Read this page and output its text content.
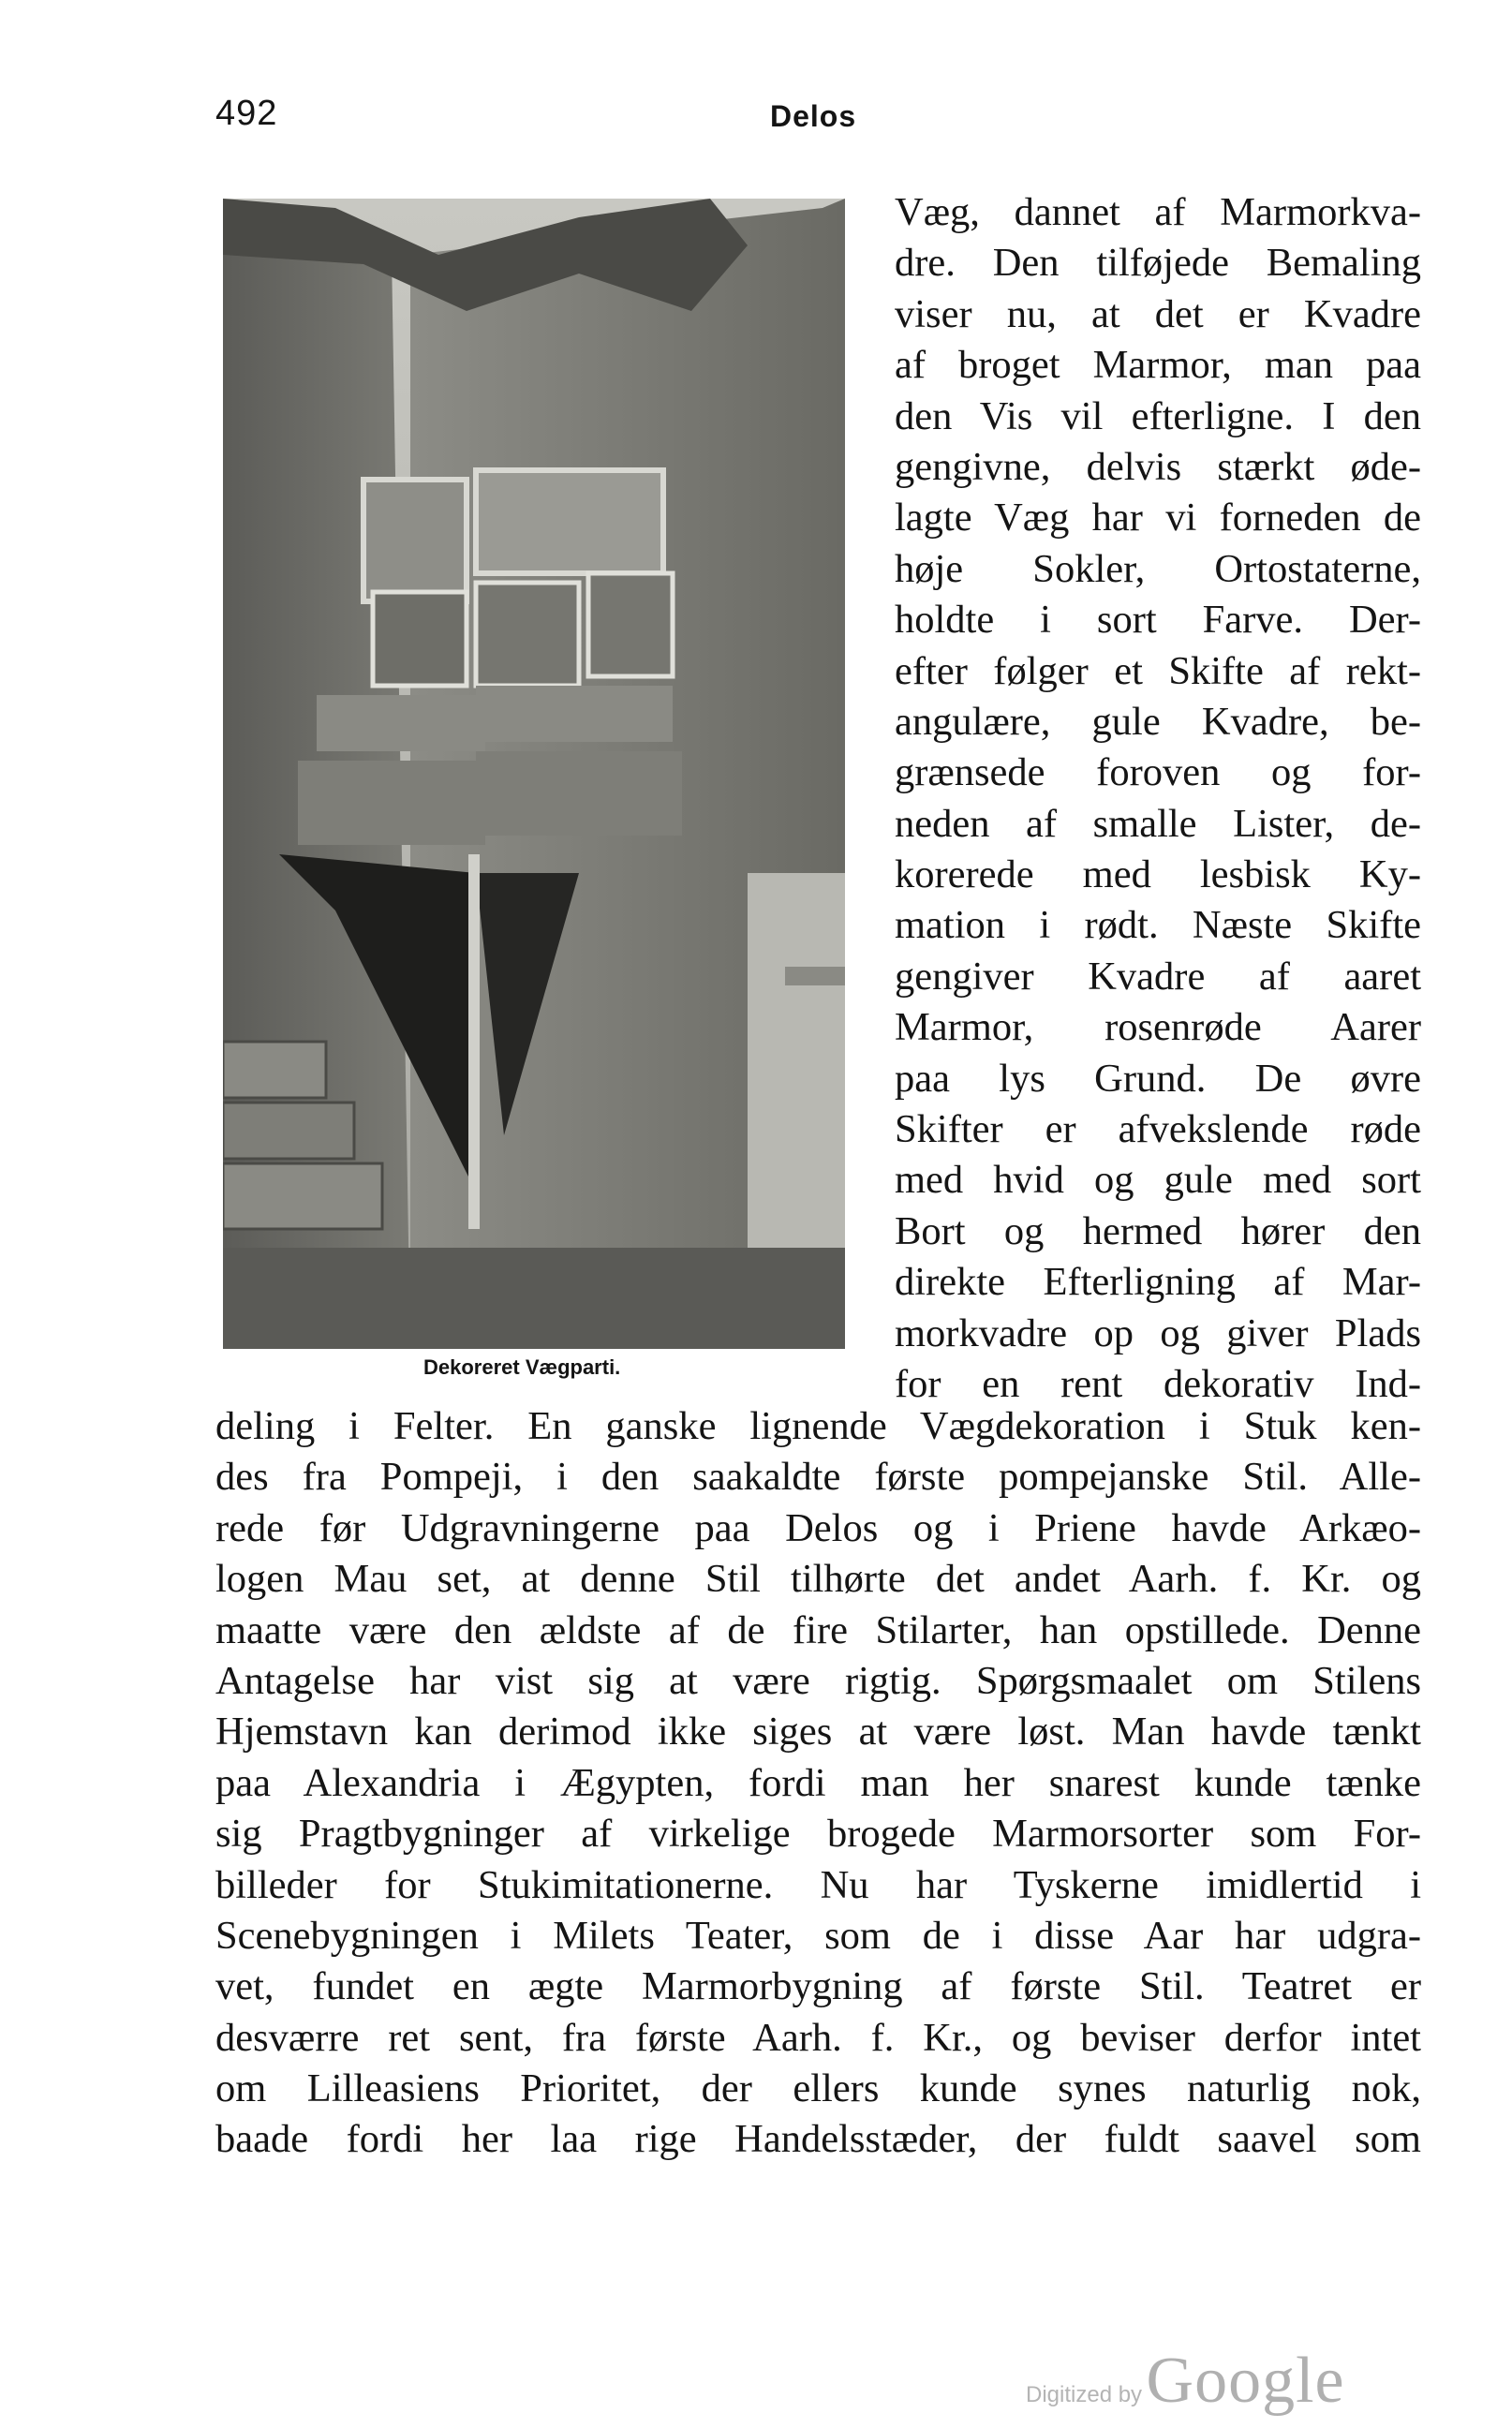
492	Delos
Dekoreret Vægparti.
Væg, dannet af Marmorkva-
dre. Den tilføjede Bemaling
viser nu, at det er Kvadre
af broget Marmor, man paa
den Vis vil efterligne. I den
gengivne, delvis stærkt øde-
lagte Væg har vi forneden de
høje Sokler, Ortostaterne,
holdte i sort Farve. Der-
efter følger et Skifte af rekt-
angulære, gule Kvadre, be-
grænsede foroven og for-
neden af smalle Lister, de-
korerede med lesbisk Ky-
mation i rødt. Næste Skifte
gengiver Kvadre af aaret
Marmor, rosenrøde Aarer
paa lys Grund. De øvre
Skifter er afvekslende røde
med hvid og gule med sort
Bort og hermed hører den
direkte Efterligning af Mar-
morkvadre op og giver Plads
for en rent dekorativ Ind-
deling i Felter. En ganske lignende Vægdekoration i Stuk ken-
des fra Pompeji, i den saakaldte første pompejanske Stil. Alle-
rede før Udgravningerne paa Delos og i Priene havde Arkæo-
logen Mau set, at denne Stil tilhørte det andet Aarh. f. Kr. og
maatte være den ældste af de fire Stilarter, han opstillede. Denne
Antagelse har vist sig at være rigtig. Spørgsmaalet om Stilens
Hjemstavn kan derimod ikke siges at være løst. Man havde tænkt
paa Alexandria i Ægypten, fordi man her snarest kunde tænke
sig Pragtbygninger af virkelige brogede Marmorsorter som For-
billeder for Stukimitationerne. Nu har Tyskerne imidlertid i
Scenebygningen i Milets Teater, som de i disse Aar har udgra-
vet, fundet en ægte Marmorbygning af første Stil. Teatret er
desværre ret sent, fra første Aarh. f. Kr., og beviser derfor intet
om Lilleasiens Prioritet, der ellers kunde synes naturlig nok,
baade fordi her laa rige Handelsstæder, der fuldt saavel som
Digitized by Google
